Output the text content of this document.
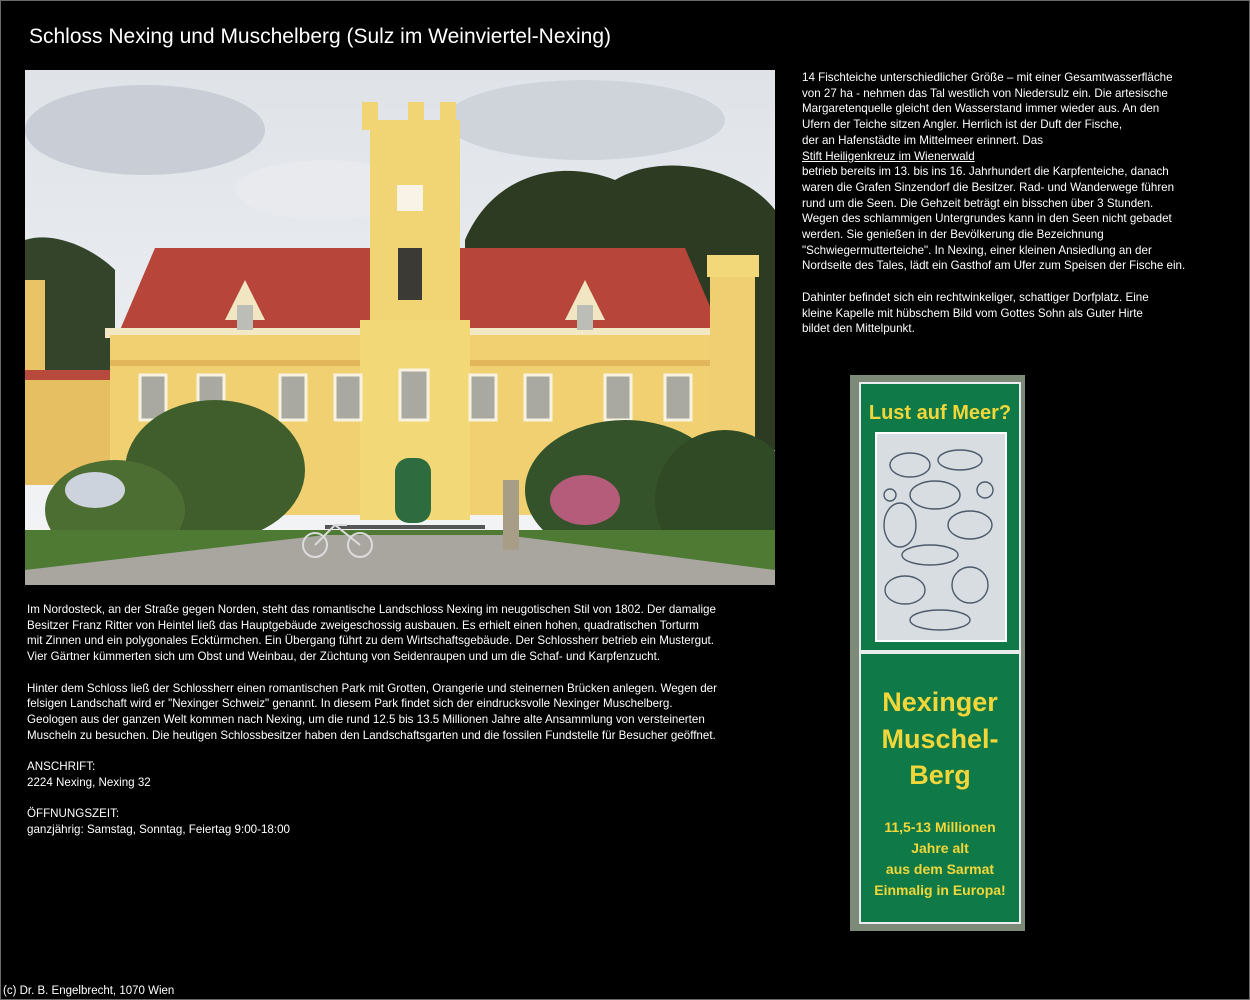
Schloss Nexing und Muschelberg (Sulz im Weinviertel-Nexing)

14 Fischteiche unterschiedlicher Größe – mit einer Gesamtwasserfläche

von 27 ha - nehmen das Tal westlich von Niedersulz ein. Die artesische

Margaretenquelle gleicht den Wasserstand immer wieder aus. An den

Ufern der Teiche sitzen Angler. Herrlich ist der Duft der Fische,

der an Hafenstädte im Mittelmeer erinnert. Das

Stift Heiligenkreuz im Wienerwald

betrieb bereits im 13. bis ins 16. Jahrhundert die Karpfenteiche, danach

waren die Grafen Sinzendorf die Besitzer. Rad- und Wanderwege führen

rund um die Seen. Die Gehzeit beträgt ein bisschen über 3 Stunden.

Wegen des schlammigen Untergrundes kann in den Seen nicht gebadet

werden. Sie genießen in der Bevölkerung die Bezeichnung

"Schwiegermutterteiche". In Nexing, einer kleinen Ansiedlung an der

Nordseite des Tales, lädt ein Gasthof am Ufer zum Speisen der Fische ein.

Dahinter befindet sich ein rechtwinkeliger, schattiger Dorfplatz. Eine

kleine Kapelle mit hübschem Bild vom Gottes Sohn als Guter Hirte

bildet den Mittelpunkt.

Im Nordosteck, an der Straße gegen Norden, steht das romantische Landschloss Nexing im neugotischen Stil von 1802. Der damalige

Besitzer Franz Ritter von Heintel ließ das Hauptgebäude zweigeschossig ausbauen. Es erhielt einen hohen, quadratischen Torturm

mit Zinnen und ein polygonales Ecktürmchen. Ein Übergang führt zu dem Wirtschaftsgebäude. Der Schlossherr betrieb ein Mustergut.

Vier Gärtner kümmerten sich um Obst und Weinbau, der Züchtung von Seidenraupen und um die Schaf- und Karpfenzucht.

Hinter dem Schloss ließ der Schlossherr einen romantischen Park mit Grotten, Orangerie und steinernen Brücken anlegen. Wegen der

felsigen Landschaft wird er "Nexinger Schweiz" genannt. In diesem Park findet sich der eindrucksvolle Nexinger Muschelberg.

Geologen aus der ganzen Welt kommen nach Nexing, um die rund 12.5 bis 13.5 Millionen Jahre alte Ansammlung von versteinerten

Muscheln zu besuchen. Die heutigen Schlossbesitzer haben den Landschaftsgarten und die fossilen Fundstelle für Besucher geöffnet.

ANSCHRIFT:

2224 Nexing, Nexing 32

ÖFFNUNGSZEIT:

ganzjährig: Samstag, Sonntag, Feiertag 9:00-18:00

Lust auf Meer?
Nexinger
Muschel-
Berg
11,5-13 Millionen
Jahre alt
aus dem Sarmat
Einmalig in Europa!
(c) Dr. B. Engelbrecht, 1070 Wien
